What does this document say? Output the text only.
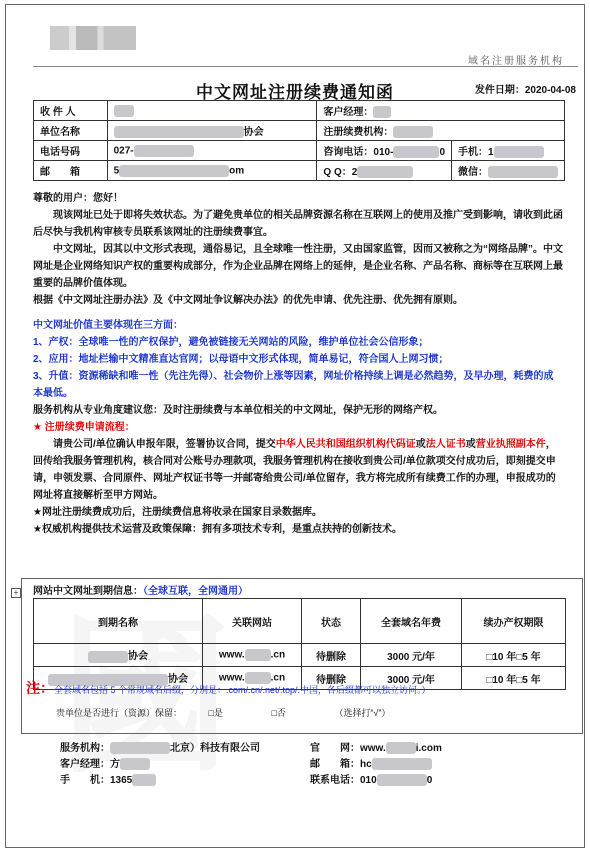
域名注册服务机构
中文网址注册续费通知函	发件日期：2020-04-08
收 件 人		客户经理：	
单位名称	协会	注册续费机构：	
电话号码	027-	咨询电话：010- 0	手机：1
邮　　箱	5 om	Q Q：2	微信：
尊敬的用户：您好！
现该网址已处于即将失效状态。为了避免贵单位的相关品牌资源名称在互联网上的使用及推广受到影响，请收到此函后尽快与我机构审核专员联系该网址的注册续费事宜。
中文网址，因其以中文形式表现，通俗易记，且全球唯一性注册，又由国家监管，因而又被称之为“网络品牌”。中文网址是企业网络知识产权的重要构成部分，作为企业品牌在网络上的延伸，是企业名称、产品名称、商标等在互联网上最重要的品牌价值体现。
根据《中文网址注册办法》及《中文网址争议解决办法》的优先申请、优先注册、优先拥有原则。
中文网址价值主要体现在三方面：
1、产权：全球唯一性的产权保护，避免被链接无关网站的风险，维护单位社会公信形象；
2、应用：地址栏输中文精准直达官网；以母语中文形式体现，简单易记，符合国人上网习惯；
3、升值：资源稀缺和唯一性（先注先得）、社会物价上涨等因素，网址价格持续上调是必然趋势，及早办理，耗费的成本最低。
服务机构从专业角度建议您：及时注册续费与本单位相关的中文网址，保护无形的网络产权。
★ 注册续费申请流程：
请贵公司/单位确认申报年限，签署协议合同，提交中华人民共和国组织机构代码证或法人证书或营业执照副本件，回传给我服务管理机构，核合同对公账号办理款项，我服务管理机构在接收到贵公司/单位款项交付成功后，即刻提交申请，申领发票、合同原件、网址产权证书等一并邮寄给贵公司/单位留存，我方将完成所有续费工作的办理，申报成功的网址将直接解析至甲方网站。
★网址注册续费成功后，注册续费信息将收录在国家目录数据库。
★权威机构提供技术运营及政策保障：拥有多项技术专利，是重点扶持的创新技术。
+ 网站中文网址到期信息：（全球互联，全网通用）
到期名称	关联网站	状态	全套域名年费	续办产权期限
协会	www. .cn	待删除	3000 元/年	□10 年□5 年
协会	www. .cn	待删除	3000 元/年	□10 年□5 年
注：全套域名包括 5 个常规域名后缀，分别是：.com/.cn/.net/.top/.中国，各后缀都可以独立访问。）
贵单位是否进行（资源）保留：	□是	□否	（选择打“√”）
服务机构：	北京）科技有限公司	官　　网：www.	i.com
客户经理：方	邮　　箱：hc
手　　机：1365	联系电话：010	0
